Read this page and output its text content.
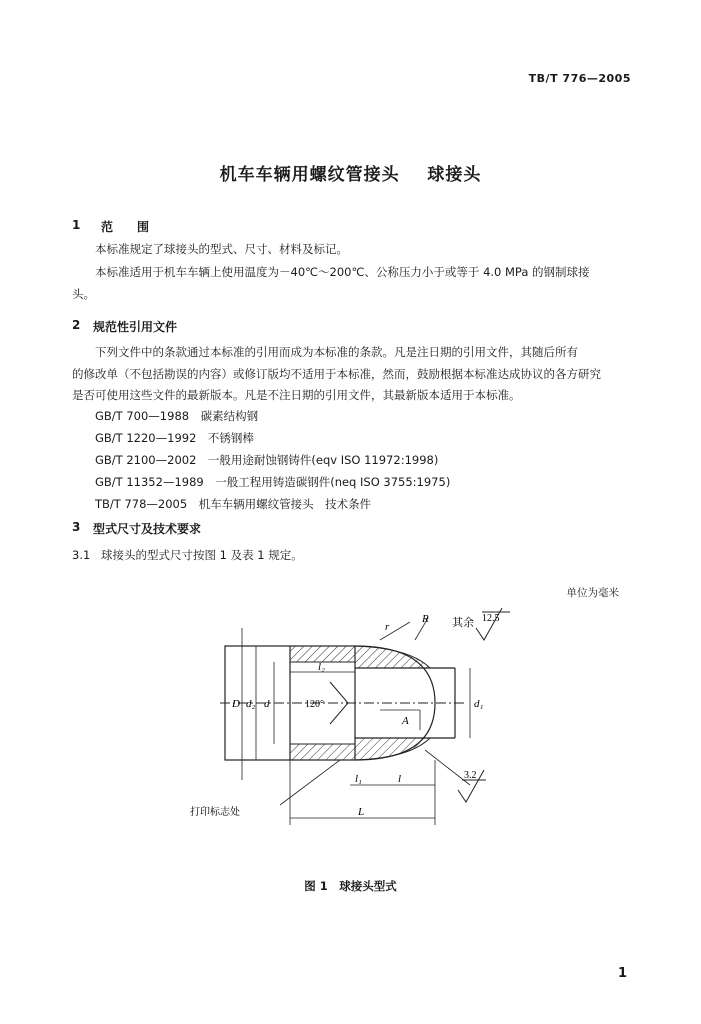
TB/T 776—2005
机车车辆用螺纹管接头    球接头
1 范　　围
本标准规定了球接头的型式、尺寸、材料及标记。
本标准适用于机车车辆上使用温度为－40℃～200℃、公称压力小于或等于 4.0 MPa 的钢制球接
头。
2 规范性引用文件
下列文件中的条款通过本标准的引用而成为本标准的条款。凡是注日期的引用文件，其随后所有
的修改单（不包括勘误的内容）或修订版均不适用于本标准，然而，鼓励根据本标准达成协议的各方研究
是否可使用这些文件的最新版本。凡是不注日期的引用文件，其最新版本适用于本标准。
GB/T 700—1988　碳素结构钢
GB/T 1220—1992　不锈钢棒
GB/T 2100—2002　一般用途耐蚀钢铸件(eqv ISO 11972:1998)
GB/T 11352—1989　一般工程用铸造碳钢件(neq ISO 3755:1975)
TB/T 778—2005　机车车辆用螺纹管接头　技术条件
3 型式尺寸及技术要求
3.1 球接头的型式尺寸按图 1 及表 1 规定。
单位为毫米
其余 12.5
3.2
打印标志处
120°
D d₂ d	d₁
l₁	l
l₂
L
A
r
R
图 1　球接头型式
1
